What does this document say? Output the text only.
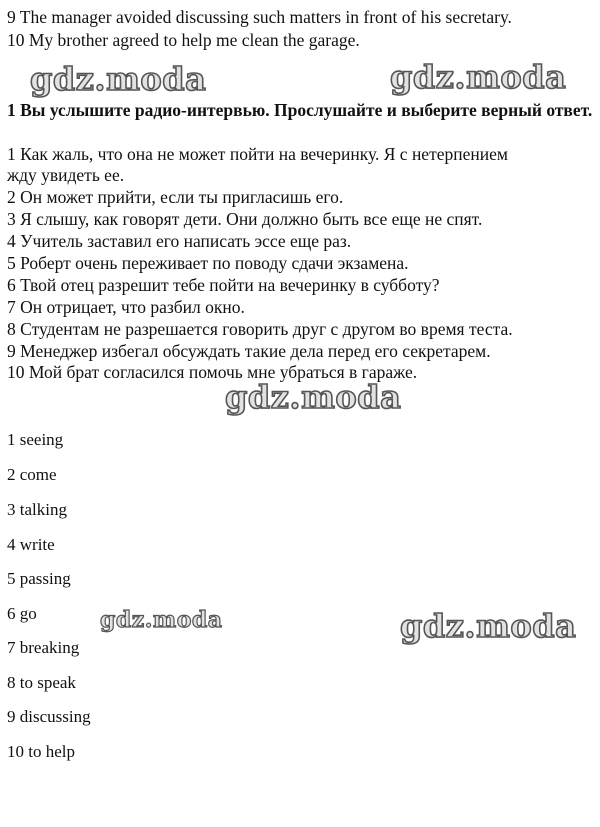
9 The manager avoided discussing such matters in front of his secretary.
10 My brother agreed to help me clean the garage.
gdz.moda	gdz.moda
1 Вы услышите радио-интервью. Прослушайте и выберите верный ответ.
1 Как жаль, что она не может пойти на вечеринку. Я с нетерпением
жду увидеть ее.
2 Он может прийти, если ты пригласишь его.
3 Я слышу, как говорят дети. Они должно быть все еще не спят.
4 Учитель заставил его написать эссе еще раз.
5 Роберт очень переживает по поводу сдачи экзамена.
6 Твой отец разрешит тебе пойти на вечеринку в субботу?
7 Он отрицает, что разбил окно.
8 Студентам не разрешается говорить друг с другом во время теста.
9 Менеджер избегал обсуждать такие дела перед его секретарем.
10 Мой брат согласился помочь мне убраться в гараже.
gdz.moda
1 seeing
2 come
3 talking
4 write
5 passing
6 go
7 breaking
8 to speak
9 discussing
10 to help
gdz.moda	gdz.moda
